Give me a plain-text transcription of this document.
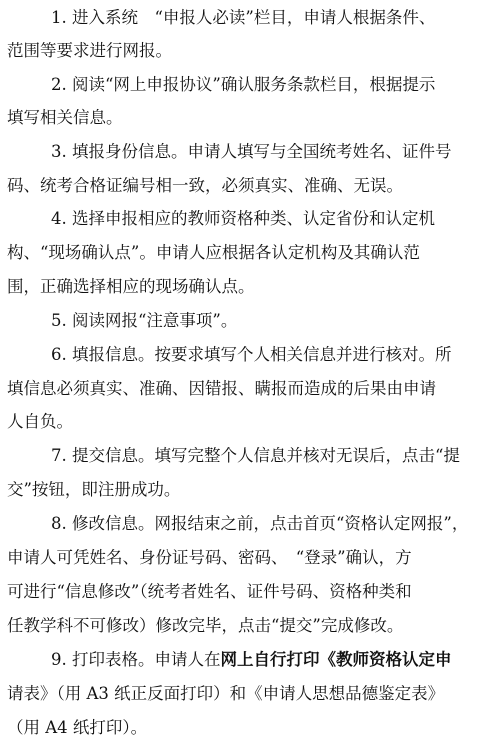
1. 进入系统　“申报人必读”栏目，申请人根据条件、
范围等要求进行网报。
2. 阅读“网上申报协议”确认服务条款栏目，根据提示
填写相关信息。
3. 填报身份信息。申请人填写与全国统考姓名、证件号
码、统考合格证编号相一致，必须真实、准确、无误。
4. 选择申报相应的教师资格种类、认定省份和认定机
构、“现场确认点”。申请人应根据各认定机构及其确认范
围，正确选择相应的现场确认点。
5. 阅读网报“注意事项”。
6. 填报信息。按要求填写个人相关信息并进行核对。所
填信息必须真实、准确、因错报、瞒报而造成的后果由申请
人自负。
7. 提交信息。填写完整个人信息并核对无误后，点击“提
交”按钮，即注册成功。
8. 修改信息。网报结束之前，点击首页“资格认定网报”，
申请人可凭姓名、身份证号码、密码、　“登录”确认，方
可进行“信息修改”（统考者姓名、证件号码、资格种类和
任教学科不可修改）修改完毕，点击“提交”完成修改。
9. 打印表格。申请人在网上自行打印《教师资格认定申
请表》（用 A3 纸正反面打印）和《申请人思想品德鉴定表》
（用 A4 纸打印）。
